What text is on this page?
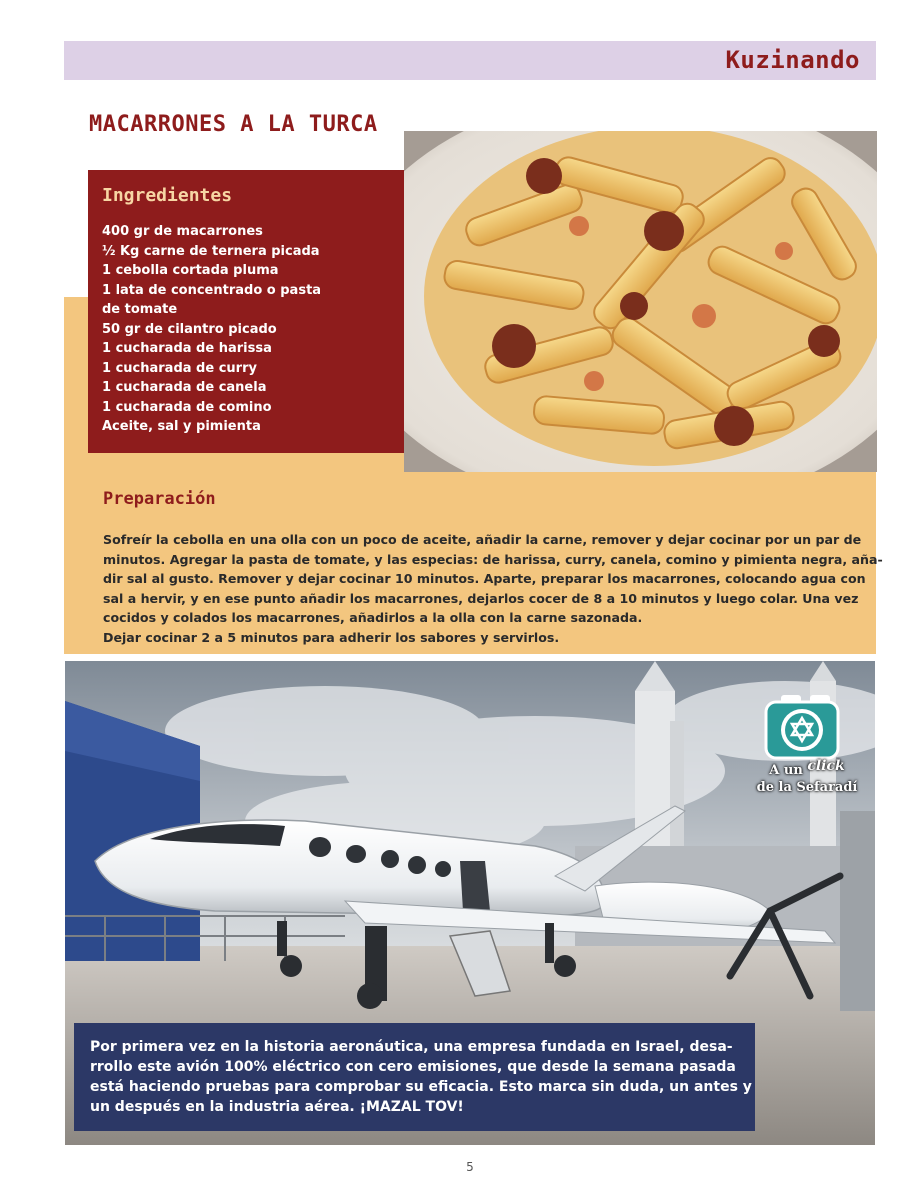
Kuzinando
MACARRONES A LA TURCA
Ingredientes
400 gr de macarrones
½ Kg carne de ternera picada
1 cebolla cortada pluma
1 lata de concentrado o pasta de tomate
50 gr de cilantro picado
1 cucharada de harissa
1 cucharada de curry
1 cucharada de canela
1 cucharada de comino
Aceite, sal y pimienta
Preparación

Sofreír la cebolla en una olla con un poco de aceite, añadir la carne, remover y dejar cocinar por un par de
minutos. Agregar la pasta de tomate, y las especias: de harissa, curry, canela, comino y pimienta negra, aña-
dir sal al gusto. Remover y dejar cocinar 10 minutos. Aparte, preparar los macarrones, colocando agua con
sal a hervir, y en ese punto añadir los macarrones, dejarlos cocer de 8 a 10 minutos y luego colar. Una vez
cocidos y colados los macarrones, añadirlos a la olla con la carne sazonada.
Dejar cocinar 2 a 5 minutos para adherir los sabores y servirlos.

Por primera vez en la historia aeronáutica, una empresa fundada en Israel, desa-
rrollo este avión 100% eléctrico con cero emisiones, que desde la semana pasada
está haciendo pruebas para comprobar su eficacia. Esto marca sin duda, un antes y
un después en la industria aérea. ¡MAZAL TOV!

A un click
de la Sefaradí
5
